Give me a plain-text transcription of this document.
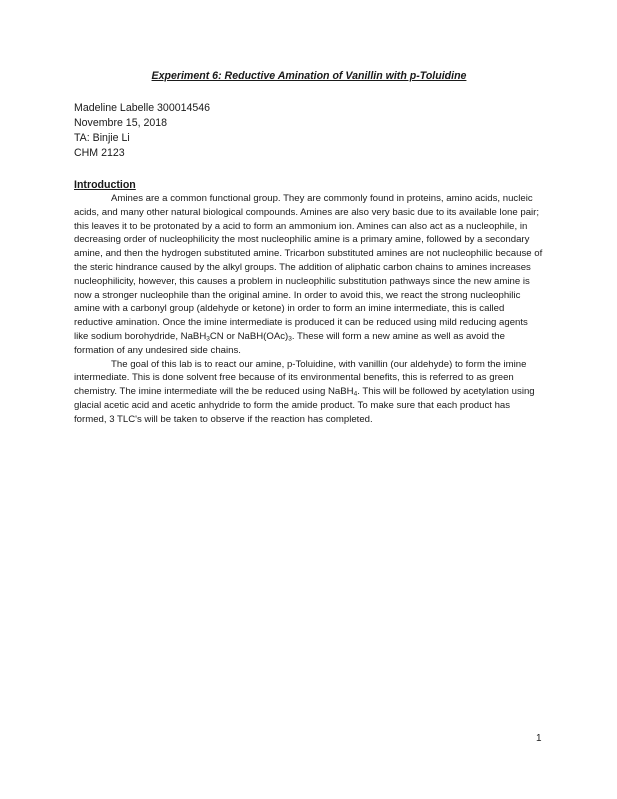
Experiment 6: Reductive Amination of Vanillin with p-Toluidine
Madeline Labelle 300014546
Novembre 15, 2018
TA: Binjie Li
CHM 2123
Introduction

Amines are a common functional group. They are commonly found in proteins, amino acids, nucleic acids, and many other natural biological compounds. Amines are also very basic due to its available lone pair; this leaves it to be protonated by a acid to form an ammonium ion. Amines can also act as a nucleophile, in decreasing order of nucleophilicity the most nucleophilic amine is a primary amine, followed by a secondary amine, and then the hydrogen substituted amine. Tricarbon substituted amines are not nucleophilic because of the steric hindrance caused by the alkyl groups. The addition of aliphatic carbon chains to amines increases nucleophilicity, however, this causes a problem in nucleophilic substitution pathways since the new amine is now a stronger nucleophile than the original amine. In order to avoid this, we react the strong nucleophilic amine with a carbonyl group (aldehyde or ketone) in order to form an imine intermediate, this is called reductive amination. Once the imine intermediate is produced it can be reduced using mild reducing agents like sodium borohydride, NaBH$_3$CN or $NaBH(OAc)_3$. These will form a new amine as well as avoid the formation of any undesired side chains.

The goal of this lab is to react our amine, p-Toluidine, with vanillin (our aldehyde) to form the imine intermediate. This is done solvent free because of its environmental benefits, this is referred to as green chemistry. The imine intermediate will the be reduced using NaBH$_4$. This will be followed by acetylation using glacial acetic acid and acetic anhydride to form the amide product. To make sure that each product has formed, 3 TLC's will be taken to observe if the reaction has completed.

1
